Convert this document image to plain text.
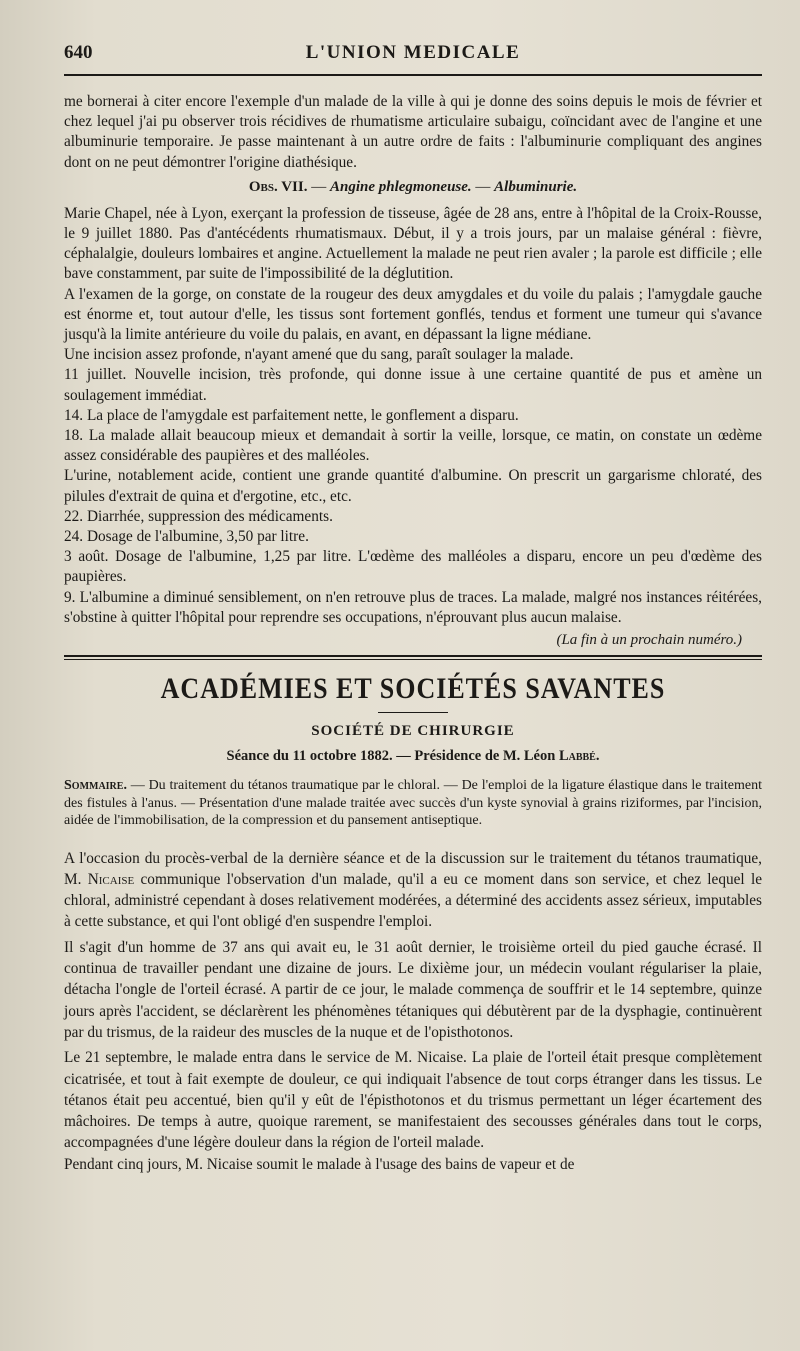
640	L'UNION MEDICALE

me bornerai à citer encore l'exemple d'un malade de la ville à qui je donne des soins depuis le mois de février et chez lequel j'ai pu observer trois récidives de rhumatisme articulaire subaigu, coïncidant avec de l'angine et une albuminurie temporaire. Je passe maintenant à un autre ordre de faits : l'albuminurie compliquant des angines dont on ne peut démontrer l'origine diathésique.

Obs. VII. — Angine phlegmoneuse. — Albuminurie.

Marie Chapel, née à Lyon, exerçant la profession de tisseuse, âgée de 28 ans, entre à l'hôpital de la Croix-Rousse, le 9 juillet 1880. Pas d'antécédents rhumatismaux. Début, il y a trois jours, par un malaise général : fièvre, céphalalgie, douleurs lombaires et angine. Actuellement la malade ne peut rien avaler ; la parole est difficile ; elle bave constamment, par suite de l'impossibilité de la déglutition.

A l'examen de la gorge, on constate de la rougeur des deux amygdales et du voile du palais ; l'amygdale gauche est énorme et, tout autour d'elle, les tissus sont fortement gonflés, tendus et forment une tumeur qui s'avance jusqu'à la limite antérieure du voile du palais, en avant, en dépassant la ligne médiane.

Une incision assez profonde, n'ayant amené que du sang, paraît soulager la malade.

11 juillet. Nouvelle incision, très profonde, qui donne issue à une certaine quantité de pus et amène un soulagement immédiat.

14. La place de l'amygdale est parfaitement nette, le gonflement a disparu.

18. La malade allait beaucoup mieux et demandait à sortir la veille, lorsque, ce matin, on constate un œdème assez considérable des paupières et des malléoles.

L'urine, notablement acide, contient une grande quantité d'albumine. On prescrit un gargarisme chloraté, des pilules d'extrait de quina et d'ergotine, etc., etc.

22. Diarrhée, suppression des médicaments.

24. Dosage de l'albumine, 3,50 par litre.

3 août. Dosage de l'albumine, 1,25 par litre. L'œdème des malléoles a disparu, encore un peu d'œdème des paupières.

9. L'albumine a diminué sensiblement, on n'en retrouve plus de traces. La malade, malgré nos instances réitérées, s'obstine à quitter l'hôpital pour reprendre ses occupations, n'éprouvant plus aucun malaise.

(La fin à un prochain numéro.)
ACADÉMIES ET SOCIÉTÉS SAVANTES
SOCIÉTÉ DE CHIRURGIE
Séance du 11 octobre 1882. — Présidence de M. Léon Labbé.

Sommaire. — Du traitement du tétanos traumatique par le chloral. — De l'emploi de la ligature élastique dans le traitement des fistules à l'anus. — Présentation d'une malade traitée avec succès d'un kyste synovial à grains riziformes, par l'incision, aidée de l'immobilisation, de la compression et du pansement antiseptique.

A l'occasion du procès-verbal de la dernière séance et de la discussion sur le traitement du tétanos traumatique, M. Nicaise communique l'observation d'un malade, qu'il a eu ce moment dans son service, et chez lequel le chloral, administré cependant à doses relativement modérées, a déterminé des accidents assez sérieux, imputables à cette substance, et qui l'ont obligé d'en suspendre l'emploi.

Il s'agit d'un homme de 37 ans qui avait eu, le 31 août dernier, le troisième orteil du pied gauche écrasé. Il continua de travailler pendant une dizaine de jours. Le dixième jour, un médecin voulant régulariser la plaie, détacha l'ongle de l'orteil écrasé. A partir de ce jour, le malade commença de souffrir et le 14 septembre, quinze jours après l'accident, se déclarèrent les phénomènes tétaniques qui débutèrent par de la dysphagie, continuèrent par du trismus, de la raideur des muscles de la nuque et de l'opisthotonos.

Le 21 septembre, le malade entra dans le service de M. Nicaise. La plaie de l'orteil était presque complètement cicatrisée, et tout à fait exempte de douleur, ce qui indiquait l'absence de tout corps étranger dans les tissus. Le tétanos était peu accentué, bien qu'il y eût de l'épisthotonos et du trismus permettant un léger écartement des mâchoires. De temps à autre, quoique rarement, se manifestaient des secousses générales dans tout le corps, accompagnées d'une légère douleur dans la région de l'orteil malade.

Pendant cinq jours, M. Nicaise soumit le malade à l'usage des bains de vapeur et de
